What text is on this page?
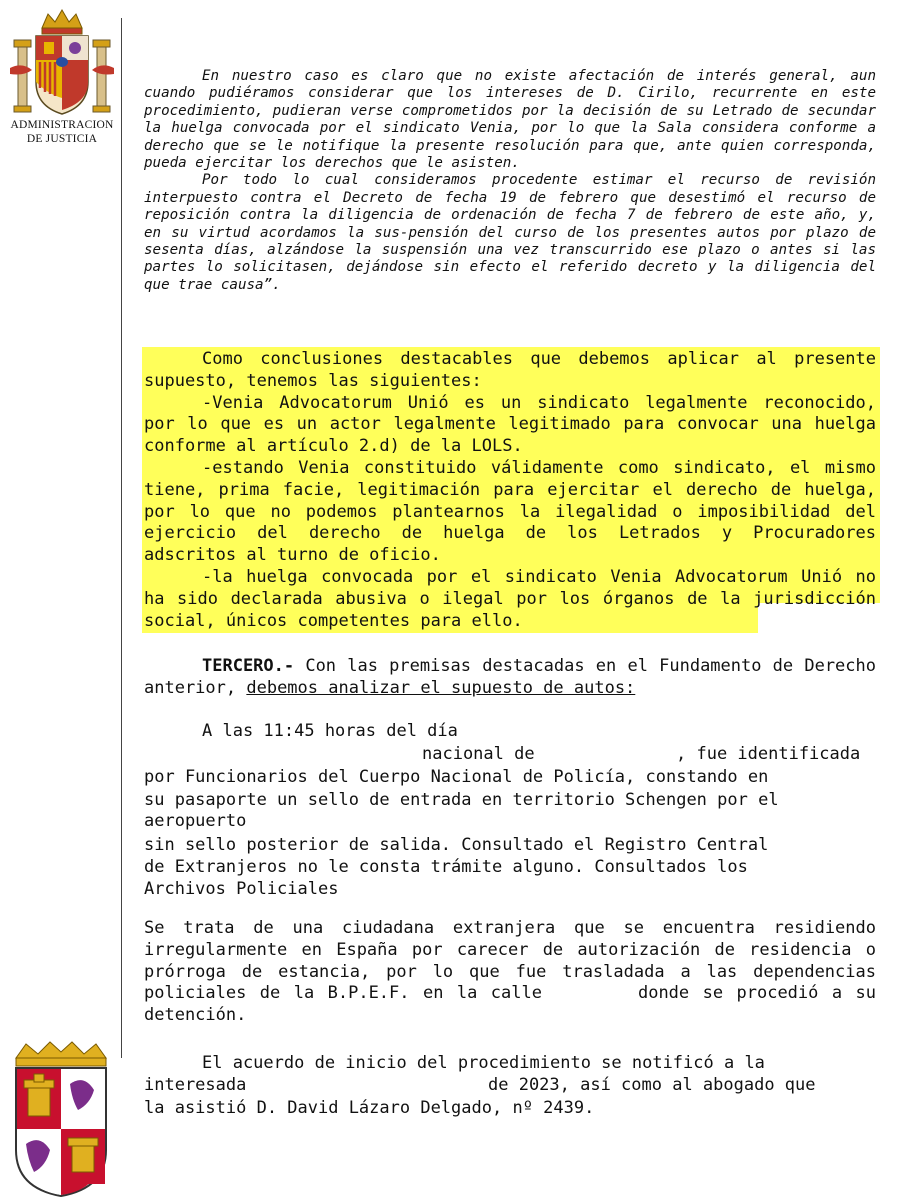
ADMINISTRACION
DE JUSTICIA

En nuestro caso es claro que no existe afectación de interés general, aun cuando pudiéramos considerar que los intereses de D. Cirilo, recurrente en este procedimiento, pudieran verse comprometidos por la decisión de su Letrado de secundar la huelga convocada por el sindicato Venia, por lo que la Sala considera conforme a derecho que se le notifique la presente resolución para que, ante quien corresponda, pueda ejercitar los derechos que le asisten.

Por todo lo cual consideramos procedente estimar el recurso de revisión interpuesto contra el Decreto de fecha 19 de febrero que desestimó el recurso de reposición contra la diligencia de ordenación de fecha 7 de febrero de este año, y, en su virtud acordamos la sus-pensión del curso de los presentes autos por plazo de sesenta días, alzándose la suspensión una vez transcurrido ese plazo o antes si las partes lo solicitasen, dejándose sin efecto el referido decreto y la diligencia del que trae causa”.

Como conclusiones destacables que debemos aplicar al presente supuesto, tenemos las siguientes:

-Venia Advocatorum Unió es un sindicato legalmente reconocido, por lo que es un actor legalmente legitimado para convocar una huelga conforme al artículo 2.d) de la LOLS.

-estando Venia constituido válidamente como sindicato, el mismo tiene, prima facie, legitimación para ejercitar el derecho de huelga, por lo que no podemos plantearnos la ilegalidad o imposibilidad del ejercicio del derecho de huelga de los Letrados y Procuradores adscritos al turno de oficio.

-la huelga convocada por el sindicato Venia Advocatorum Unió no ha sido declarada abusiva o ilegal por los órganos de la jurisdicción social, únicos competentes para ello.

TERCERO.- Con las premisas destacadas en el Fundamento de Derecho anterior, debemos analizar el supuesto de autos:

A las 11:45 horas del día
nacional de	, fue identificada
por Funcionarios del Cuerpo Nacional de Policía, constando en
su pasaporte un sello de entrada en territorio Schengen por el
aeropuerto
sin sello posterior de salida. Consultado el Registro Central
de Extranjeros no le consta trámite alguno. Consultados los
Archivos Policiales

Se trata de una ciudadana extranjera que se encuentra residiendo irregularmente en España por carecer de autorización de residencia o prórroga de estancia, por lo que fue trasladada a las dependencias policiales de la B.P.E.F. en la calle	donde se procedió a su detención.

El acuerdo de inicio del procedimiento se notificó a la
interesada	de 2023, así como al abogado que
la asistió D. David Lázaro Delgado, nº 2439.
